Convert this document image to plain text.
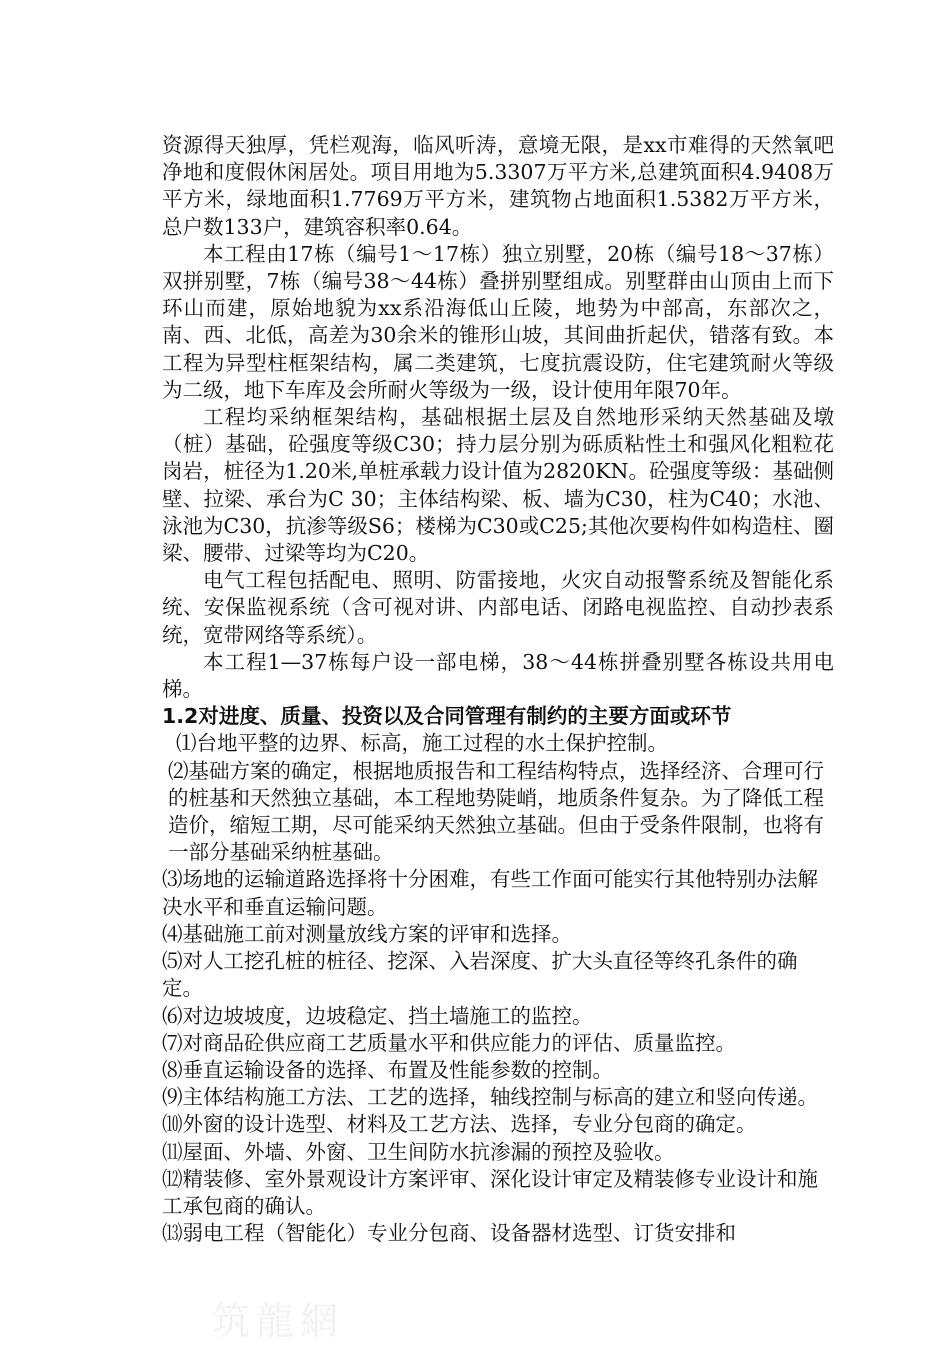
资源得天独厚，凭栏观海，临风听涛，意境无限，是xx市难得的天然氧吧净地和度假休闲居处。项目用地为5.3307万平方米,总建筑面积4.9408万平方米，绿地面积1.7769万平方米，建筑物占地面积1.5382万平方米，总户数133户，建筑容积率0.64。

本工程由17栋（编号1～17栋）独立别墅，20栋（编号18～37栋）双拼别墅，7栋（编号38～44栋）叠拼别墅组成。别墅群由山顶由上而下环山而建，原始地貌为xx系沿海低山丘陵，地势为中部高，东部次之，南、西、北低，高差为30余米的锥形山坡，其间曲折起伏，错落有致。本工程为异型柱框架结构，属二类建筑，七度抗震设防，住宅建筑耐火等级为二级，地下车库及会所耐火等级为一级，设计使用年限70年。

工程均采纳框架结构，基础根据土层及自然地形采纳天然基础及墩（桩）基础，砼强度等级C30；持力层分别为砾质粘性土和强风化粗粒花岗岩，桩径为1.20米,单桩承载力设计值为2820KN。砼强度等级：基础侧壁、拉梁、承台为C 30；主体结构梁、板、墙为C30，柱为C40；水池、泳池为C30，抗渗等级S6；楼梯为C30或C25;其他次要构件如构造柱、圈梁、腰带、过梁等均为C20。

电气工程包括配电、照明、防雷接地，火灾自动报警系统及智能化系统、安保监视系统（含可视对讲、内部电话、闭路电视监控、自动抄表系统，宽带网络等系统）。

本工程1—37栋每户设一部电梯，38～44栋拼叠别墅各栋设共用电梯。

1.2对进度、质量、投资以及合同管理有制约的主要方面或环节

⑴台地平整的边界、标高，施工过程的水土保护控制。

⑵基础方案的确定，根据地质报告和工程结构特点，选择经济、合理可行的桩基和天然独立基础，本工程地势陡峭，地质条件复杂。为了降低工程造价，缩短工期，尽可能采纳天然独立基础。但由于受条件限制，也将有一部分基础采纳桩基础。

⑶场地的运输道路选择将十分困难，有些工作面可能实行其他特别办法解决水平和垂直运输问题。

⑷基础施工前对测量放线方案的评审和选择。

⑸对人工挖孔桩的桩径、挖深、入岩深度、扩大头直径等终孔条件的确定。

⑹对边坡坡度，边坡稳定、挡土墙施工的监控。

⑺对商品砼供应商工艺质量水平和供应能力的评估、质量监控。

⑻垂直运输设备的选择、布置及性能参数的控制。

⑼主体结构施工方法、工艺的选择，轴线控制与标高的建立和竖向传递。

⑽外窗的设计选型、材料及工艺方法、选择，专业分包商的确定。

⑾屋面、外墙、外窗、卫生间防水抗渗漏的预控及验收。

⑿精装修、室外景观设计方案评审、深化设计审定及精装修专业设计和施工承包商的确认。

⒀弱电工程（智能化）专业分包商、设备器材选型、订货安排和

筑龍網
